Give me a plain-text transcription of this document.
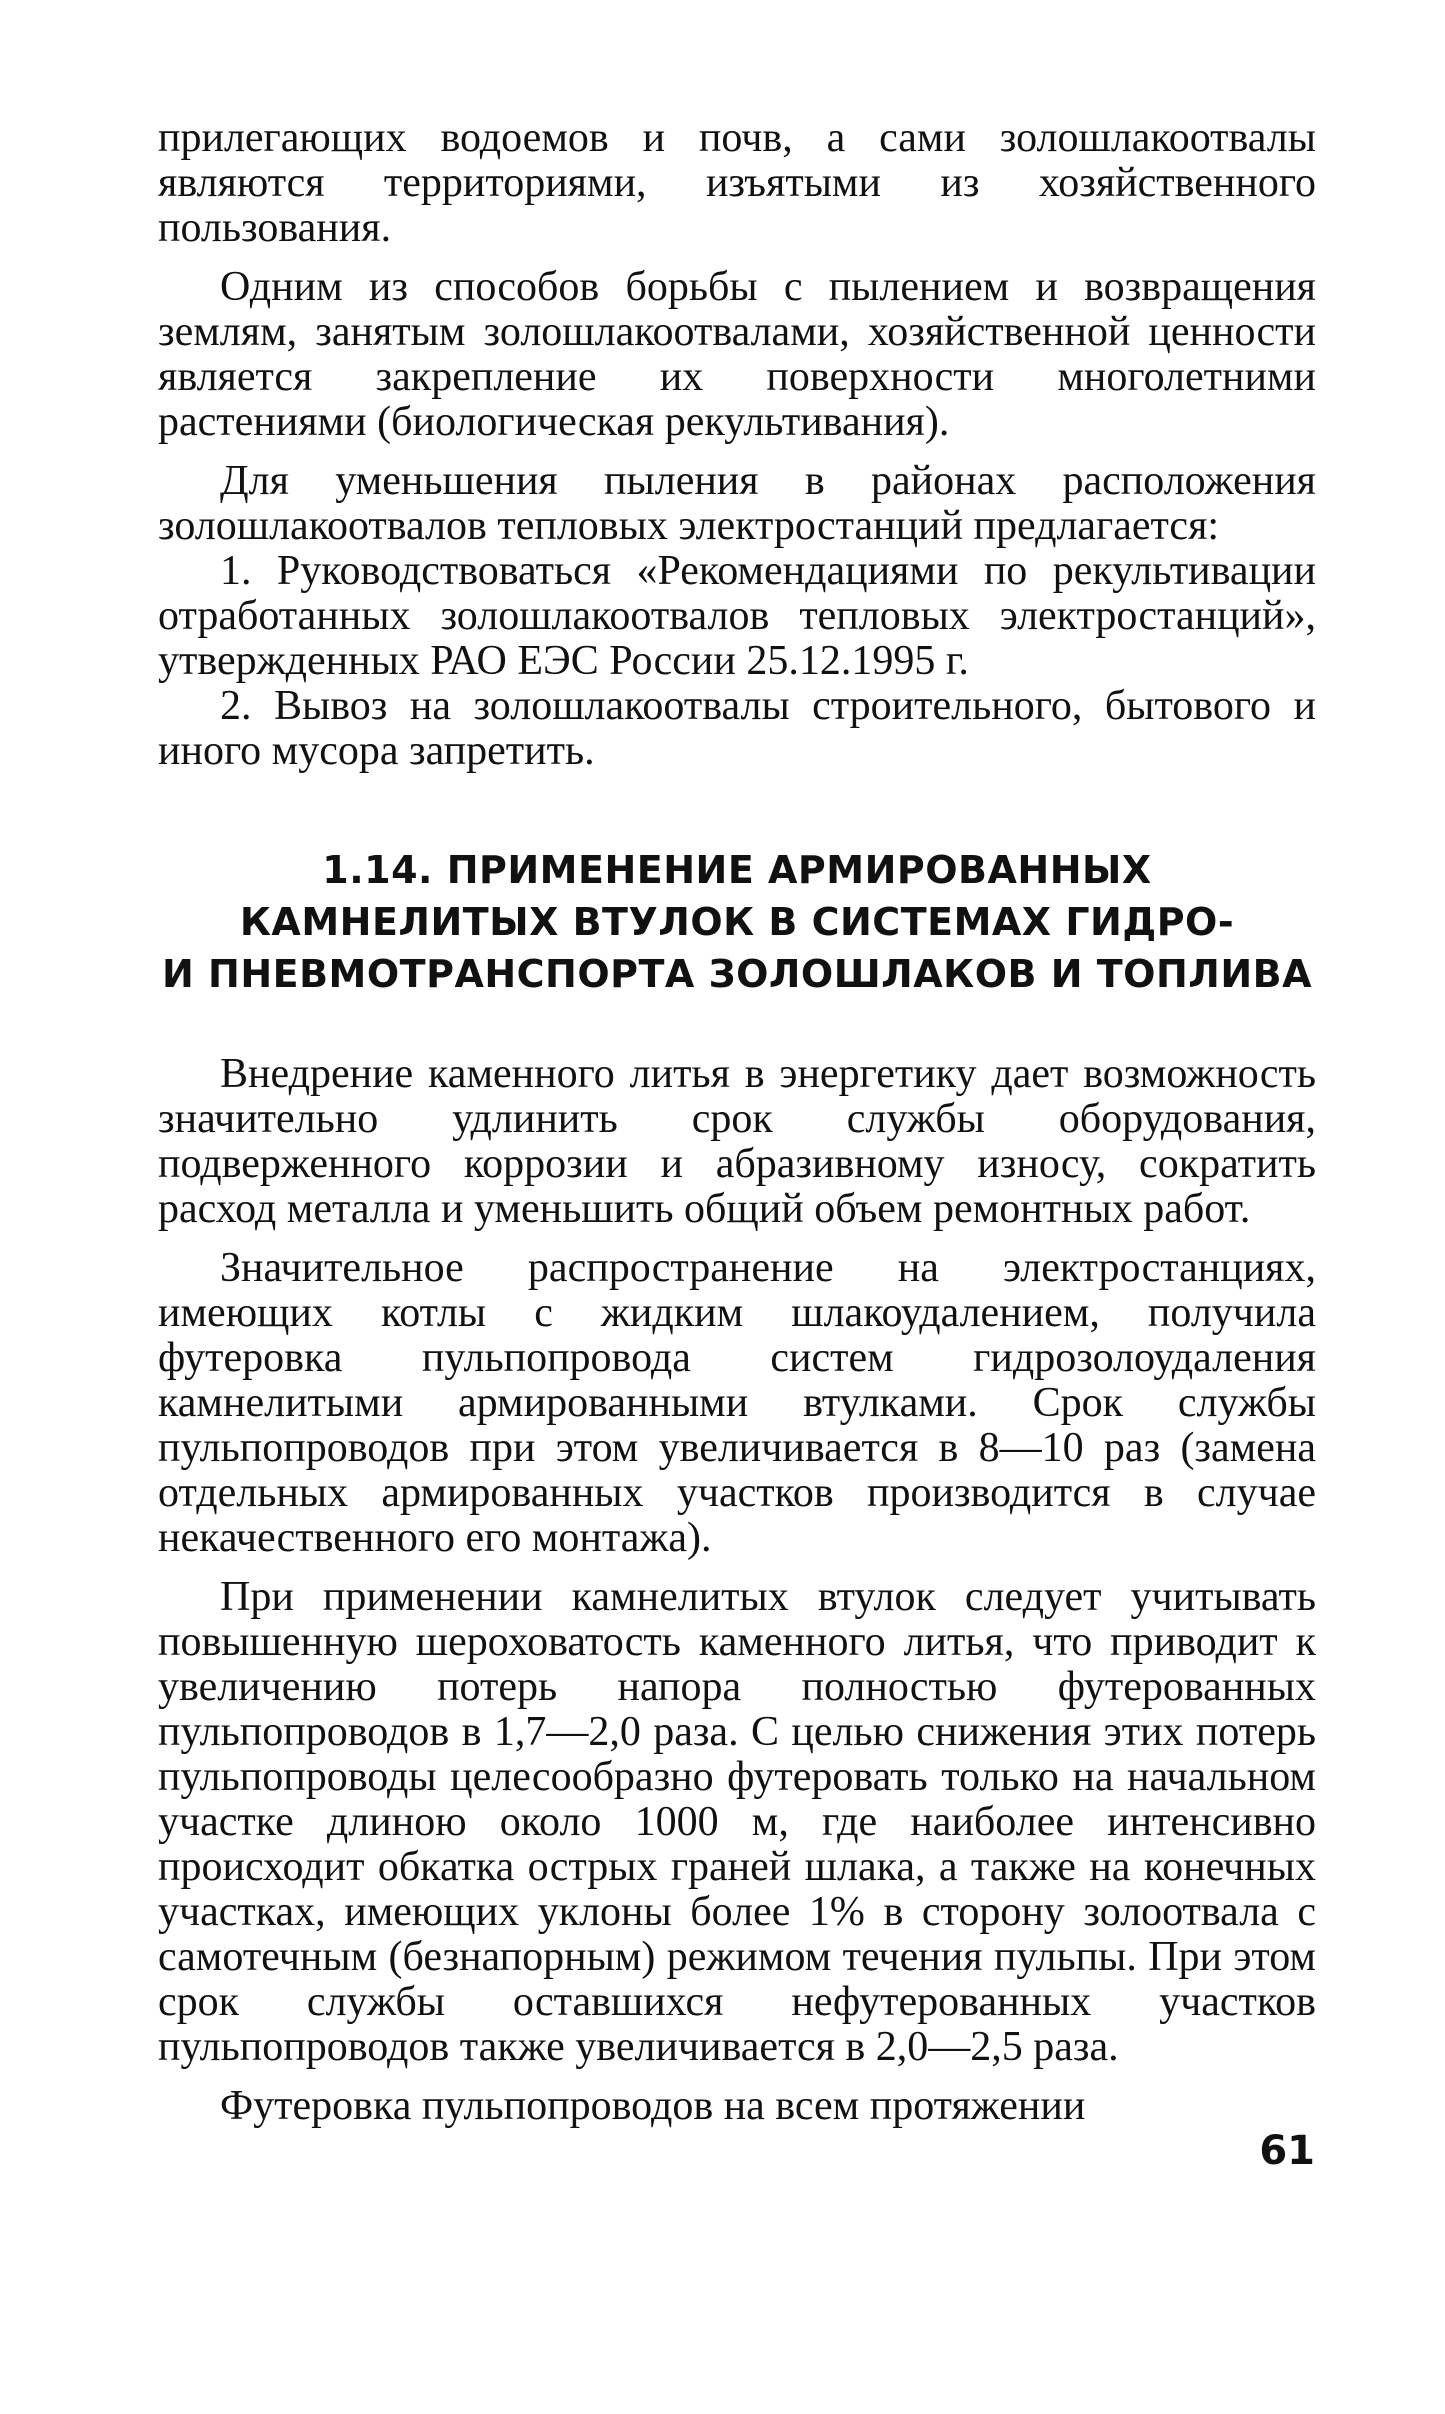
прилегающих водоемов и почв, а сами золошлакоотвалы являются территориями, изъятыми из хозяйственного пользования.

Одним из способов борьбы с пылением и возвращения землям, занятым золошлакоотвалами, хозяйственной ценности является закрепление их поверхности многолетними растениями (биологическая рекультивания).

Для уменьшения пыления в районах расположения золошлакоотвалов тепловых электростанций предлагается:

1. Руководствоваться «Рекомендациями по рекультивации отработанных золошлакоотвалов тепловых электростанций», утвержденных РАО ЕЭС России 25.12.1995 г.

2. Вывоз на золошлакоотвалы строительного, бытового и иного мусора запретить.

1.14. ПРИМЕНЕНИЕ АРМИРОВАННЫХ
КАМНЕЛИТЫХ ВТУЛОК В СИСТЕМАХ ГИДРО-
И ПНЕВМОТРАНСПОРТА ЗОЛОШЛАКОВ И ТОПЛИВА

Внедрение каменного литья в энергетику дает возможность значительно удлинить срок службы оборудования, подверженного коррозии и абразивному износу, сократить расход металла и уменьшить общий объем ремонтных работ.

Значительное распространение на электростанциях, имеющих котлы с жидким шлакоудалением, получила футеровка пульпопровода систем гидрозолоудаления камнелитыми армированными втулками. Срок службы пульпопроводов при этом увеличивается в 8—10 раз (замена отдельных армированных участков производится в случае некачественного его монтажа).

При применении камнелитых втулок следует учитывать повышенную шероховатость каменного литья, что приводит к увеличению потерь напора полностью футерованных пульпопроводов в 1,7—2,0 раза. С целью снижения этих потерь пульпопроводы целесообразно футеровать только на начальном участке длиною около 1000 м, где наиболее интенсивно происходит обкатка острых граней шлака, а также на конечных участках, имеющих уклоны более 1% в сторону золоотвала с самотечным (безнапорным) режимом течения пульпы. При этом срок службы оставшихся нефутерованных участков пульпопроводов также увеличивается в 2,0—2,5 раза.

Футеровка пульпопроводов на всем протяжении

61
